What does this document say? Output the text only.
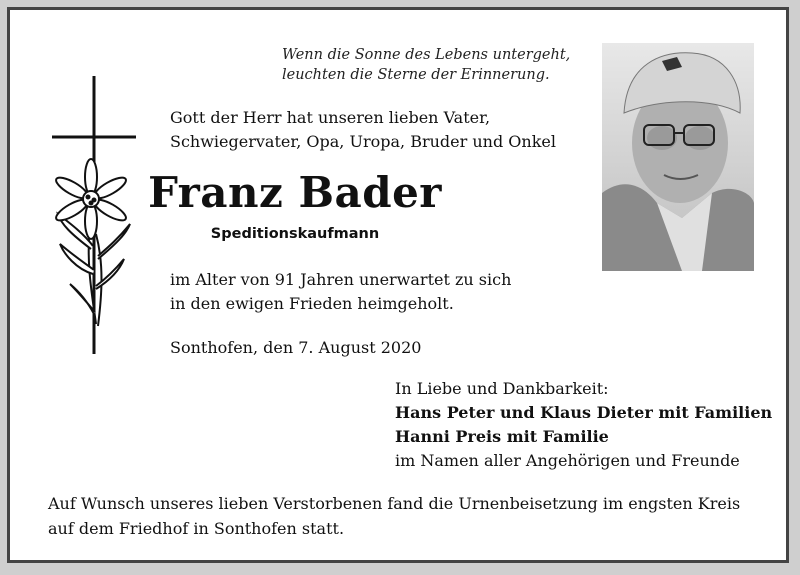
Wenn die Sonne des Lebens untergeht,
leuchten die Sterne der Erinnerung.
Gott der Herr hat unseren lieben Vater,
Schwiegervater, Opa, Uropa, Bruder und Onkel
Franz Bader
Speditionskaufmann
im Alter von 91 Jahren unerwartet zu sich
in den ewigen Frieden heimgeholt.
Sonthofen, den 7. August 2020
In Liebe und Dankbarkeit:
Hans Peter und Klaus Dieter mit Familien
Hanni Preis mit Familie
im Namen aller Angehörigen und Freunde
Auf Wunsch unseres lieben Verstorbenen fand die Urnenbeisetzung im engsten Kreis
auf dem Friedhof in Sonthofen statt.
